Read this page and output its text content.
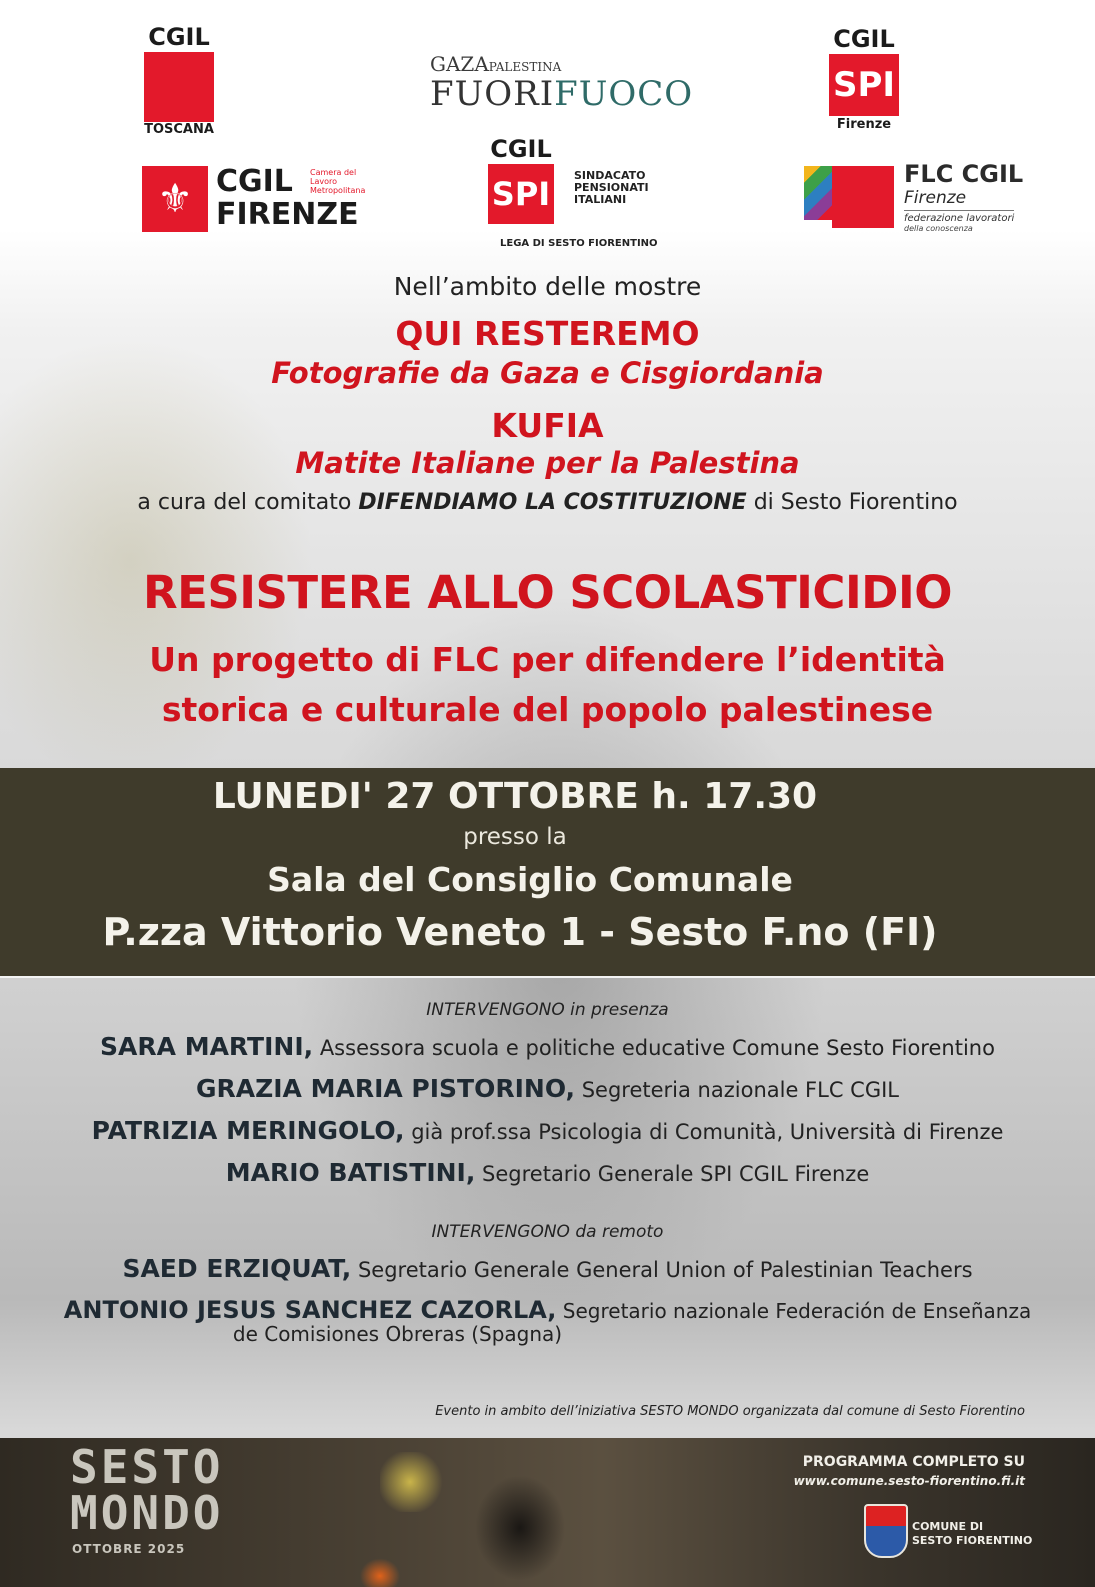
CGIL
TOSCANA
GAZAPALESTINA
FUORIFUOCO
CGIL
SPI
Firenze
⚜ CGIL
FIRENZE
Camera del Lavoro Metropolitana
CGIL
SPI	SINDACATO PENSIONATI ITALIANI
LEGA DI SESTO FIORENTINO
FLC CGIL
Firenze
federazione lavoratori
della conoscenza
Nell’ambito delle mostre
QUI RESTEREMO
Fotografie da Gaza e Cisgiordania
KUFIA
Matite Italiane per la Palestina
a cura del comitato DIFENDIAMO LA COSTITUZIONE di Sesto Fiorentino
RESISTERE ALLO SCOLASTICIDIO
Un progetto di FLC per difendere l’identità
storica e culturale del popolo palestinese
LUNEDI' 27 OTTOBRE h. 17.30
presso la
Sala del Consiglio Comunale
P.zza Vittorio Veneto 1 - Sesto F.no (FI)
INTERVENGONO in presenza
SARA MARTINI, Assessora scuola e politiche educative Comune Sesto Fiorentino
GRAZIA MARIA PISTORINO, Segreteria nazionale FLC CGIL
PATRIZIA MERINGOLO, già prof.ssa Psicologia di Comunità, Università di Firenze
MARIO BATISTINI, Segretario Generale SPI CGIL Firenze
INTERVENGONO da remoto
SAED ERZIQUAT, Segretario Generale General Union of Palestinian Teachers
ANTONIO JESUS SANCHEZ CAZORLA, Segretario nazionale Federación de Enseñanza
de Comisiones Obreras (Spagna)
Evento in ambito dell’iniziativa SESTO MONDO organizzata dal comune di Sesto Fiorentino
SESTO
MONDO
OTTOBRE 2025
PROGRAMMA COMPLETO SU
www.comune.sesto-fiorentino.fi.it
COMUNE DI
SESTO FIORENTINO
